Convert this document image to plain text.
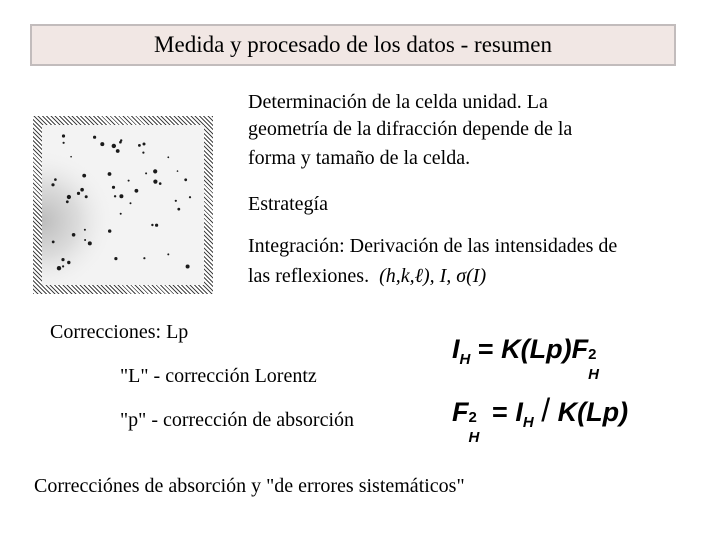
Medida y procesado de los datos - resumen
Determinación de la celda unidad. La
geometría de la difracción depende de la
forma y tamaño de la celda.
Estrategía
Integración: Derivación de las intensidades de
las reflexiones. (h,k,ℓ), I, σ(I)
Correcciones: Lp
"L" - corrección Lorentz
"p" - corrección de absorción
$I_H = K(Lp)F$ 2
H
F 2
H
= $I_H / K(Lp)$
Correcciónes de absorción y "de errores sistemáticos"
